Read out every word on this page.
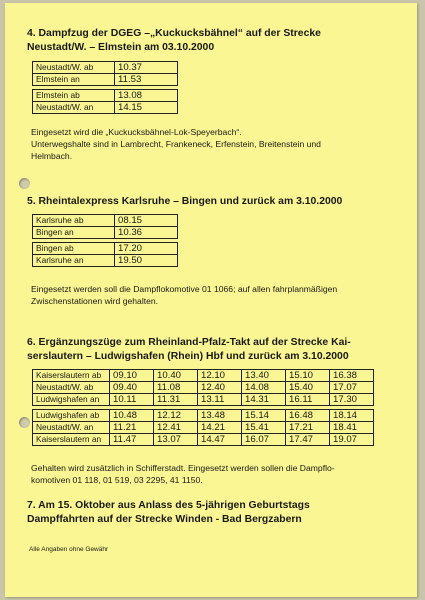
4. Dampfzug der DGEG –„Kuckucksbähnel“ auf der Strecke
Neustadt/W. – Elmstein am 03.10.2000
Neustadt/W. ab	10.37
Elmstein an	11.53

Elmstein ab	13.08
Neustadt/W. an	14.15
Eingesetzt wird die „Kuckucksbähnel-Lok-Speyerbach“.
Unterwegshalte sind in Lambrecht, Frankeneck, Erfenstein, Breitenstein und
Helmbach.
5. Rheintalexpress Karlsruhe – Bingen und zurück am 3.10.2000
Karlsruhe ab	08.15
Bingen an	10.36

Bingen ab	17.20
Karlsruhe an	19.50
Eingesetzt werden soll die Dampflokomotive 01 1066; auf allen fahrplanmäßigen
Zwischenstationen wird gehalten.
6. Ergänzungszüge zum Rheinland-Pfalz-Takt auf der Strecke Kai-
serslautern – Ludwigshafen (Rhein) Hbf und zurück am 3.10.2000
Kaiserslautern ab	09.10	10.40	12.10	13.40	15.10	16.38
Neustadt/W. ab	09.40	11.08	12.40	14.08	15.40	17.07
Ludwigshafen an	10.11	11.31	13.11	14.31	16.11	17.30

Ludwigshafen ab	10.48	12.12	13.48	15.14	16.48	18.14
Neustadt/W. an	11.21	12.41	14.21	15.41	17.21	18.41
Kaiserslautern an	11.47	13.07	14.47	16.07	17.47	19.07
Gehalten wird zusätzlich in Schifferstadt. Eingesetzt werden sollen die Dampflo-
komotiven 01 118, 01 519, 03 2295, 41 1150.
7. Am 15. Oktober aus Anlass des 5-jährigen Geburtstags
Dampffahrten auf der Strecke Winden - Bad Bergzabern
Alle Angaben ohne Gewähr
